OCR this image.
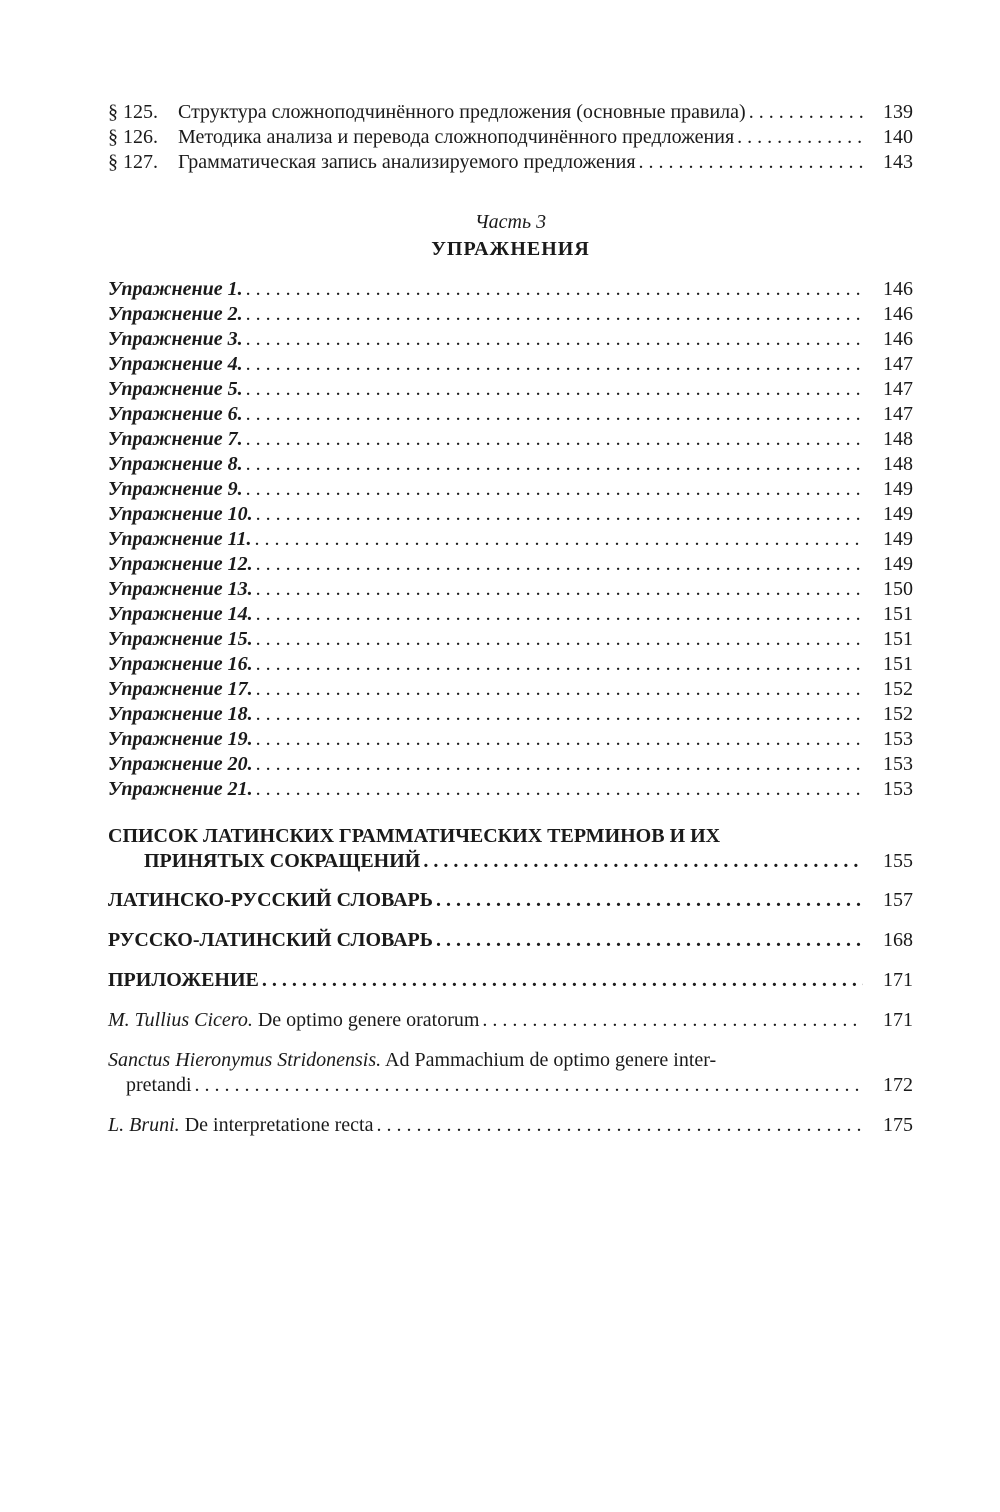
§ 125. Структура сложноподчинённого предложения (основные правила) . . .	139
§ 126. Методика анализа и перевода сложноподчинённого предложения . . .	140
§ 127. Грамматическая запись анализируемого предложения . . .	143
Часть 3
УПРАЖНЕНИЯ
Упражнение 1. . . .	146
Упражнение 2. . . .	146
Упражнение 3. . . .	146
Упражнение 4. . . .	147
Упражнение 5. . . .	147
Упражнение 6. . . .	147
Упражнение 7. . . .	148
Упражнение 8. . . .	148
Упражнение 9. . . .	149
Упражнение 10. . . .	149
Упражнение 11. . . .	149
Упражнение 12. . . .	149
Упражнение 13. . . .	150
Упражнение 14. . . .	151
Упражнение 15. . . .	151
Упражнение 16. . . .	151
Упражнение 17. . . .	152
Упражнение 18. . . .	152
Упражнение 19. . . .	153
Упражнение 20. . . .	153
Упражнение 21. . . .	153
СПИСОК ЛАТИНСКИХ ГРАММАТИЧЕСКИХ ТЕРМИНОВ И ИХ
ПРИНЯТЫХ СОКРАЩЕНИЙ . . .	155
ЛАТИНСКО-РУССКИЙ СЛОВАРЬ . . .	157
РУССКО-ЛАТИНСКИЙ СЛОВАРЬ . . .	168
ПРИЛОЖЕНИЕ . . .	171
M. Tullius Cicero. De optimo genere oratorum . . .	171
Sanctus Hieronymus Stridonensis. Ad Pammachium de optimo genere inter-
pretandi . . .	172
L. Bruni. De interpretatione recta . . .	175
